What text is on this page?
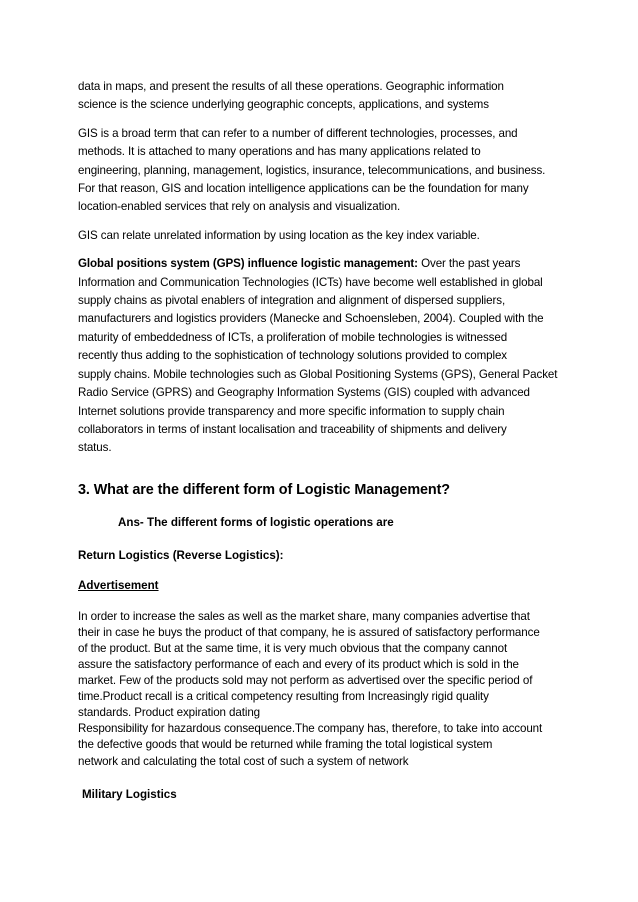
data in maps, and present the results of all these operations. Geographic information
science is the science underlying geographic concepts, applications, and systems
GIS is a broad term that can refer to a number of different technologies, processes, and
methods. It is attached to many operations and has many applications related to
engineering, planning, management, logistics, insurance, telecommunications, and business.
For that reason, GIS and location intelligence applications can be the foundation for many
location-enabled services that rely on analysis and visualization.
GIS can relate unrelated information by using location as the key index variable.
Global positions system (GPS) influence logistic management: Over the past years
Information and Communication Technologies (ICTs) have become well established in global
supply chains as pivotal enablers of integration and alignment of dispersed suppliers,
manufacturers and logistics providers (Manecke and Schoensleben, 2004). Coupled with the
maturity of embeddedness of ICTs, a proliferation of mobile technologies is witnessed
recently thus adding to the sophistication of technology solutions provided to complex
supply chains. Mobile technologies such as Global Positioning Systems (GPS), General Packet
Radio Service (GPRS) and Geography Information Systems (GIS) coupled with advanced
Internet solutions provide transparency and more specific information to supply chain
collaborators in terms of instant localisation and traceability of shipments and delivery
status.
3. What are the different form of Logistic Management?
Ans- The different forms of logistic operations are
Return Logistics (Reverse Logistics):
Advertisement
In order to increase the sales as well as the market share, many companies advertise that
their in case he buys the product of that company, he is assured of satisfactory performance
of the product. But at the same time, it is very much obvious that the company cannot
assure the satisfactory performance of each and every of its product which is sold in the
market. Few of the products sold may not perform as advertised over the specific period of
time.Product recall is a critical competency resulting from Increasingly rigid quality
standards. Product expiration dating
Responsibility for hazardous consequence.The company has, therefore, to take into account
the defective goods that would be returned while framing the total logistical system
network and calculating the total cost of such a system of network
Military Logistics
